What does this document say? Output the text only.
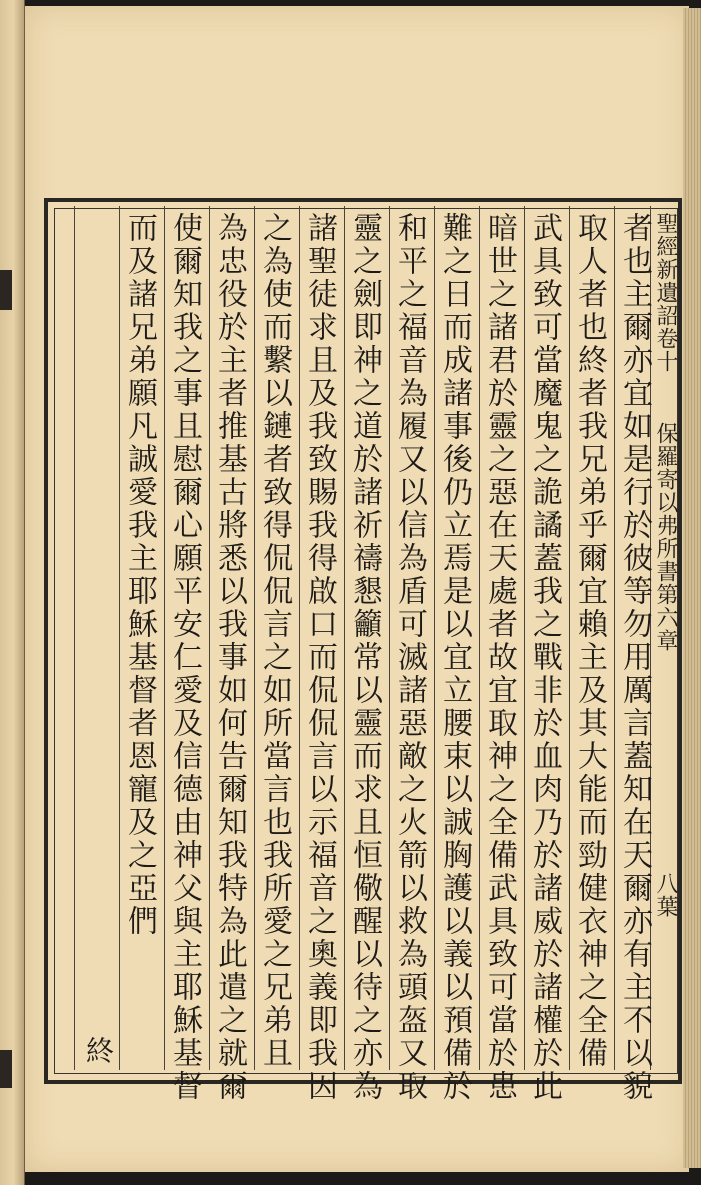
聖經新遺詔卷十
保羅寄以弗所書第六章
八葉
者也主爾亦宜如是行於彼等勿用厲言蓋知在天爾亦有主不以貌
取人者也終者我兄弟乎爾宜賴主及其大能而勁健衣神之全備
武具致可當魔鬼之詭譎蓋我之戰非於血肉乃於諸威於諸權於此
暗世之諸君於靈之惡在天處者故宜取神之全備武具致可當於患
難之日而成諸事後仍立焉是以宜立腰束以誠胸護以義以預備於
和平之福音為履又以信為盾可滅諸惡敵之火箭以救為頭盔又取
靈之劍即神之道於諸祈禱懇籲常以靈而求且恒儆醒以待之亦為
諸聖徒求且及我致賜我得啟口而侃侃言以示福音之奧義即我因
之為使而繫以鏈者致得侃侃言之如所當言也我所愛之兄弟且
為忠役於主者推基古將悉以我事如何告爾知我特為此遣之就爾
使爾知我之事且慰爾心願平安仁愛及信德由神父與主耶穌基督
而及諸兄弟願凡誠愛我主耶穌基督者恩寵及之亞們
終
